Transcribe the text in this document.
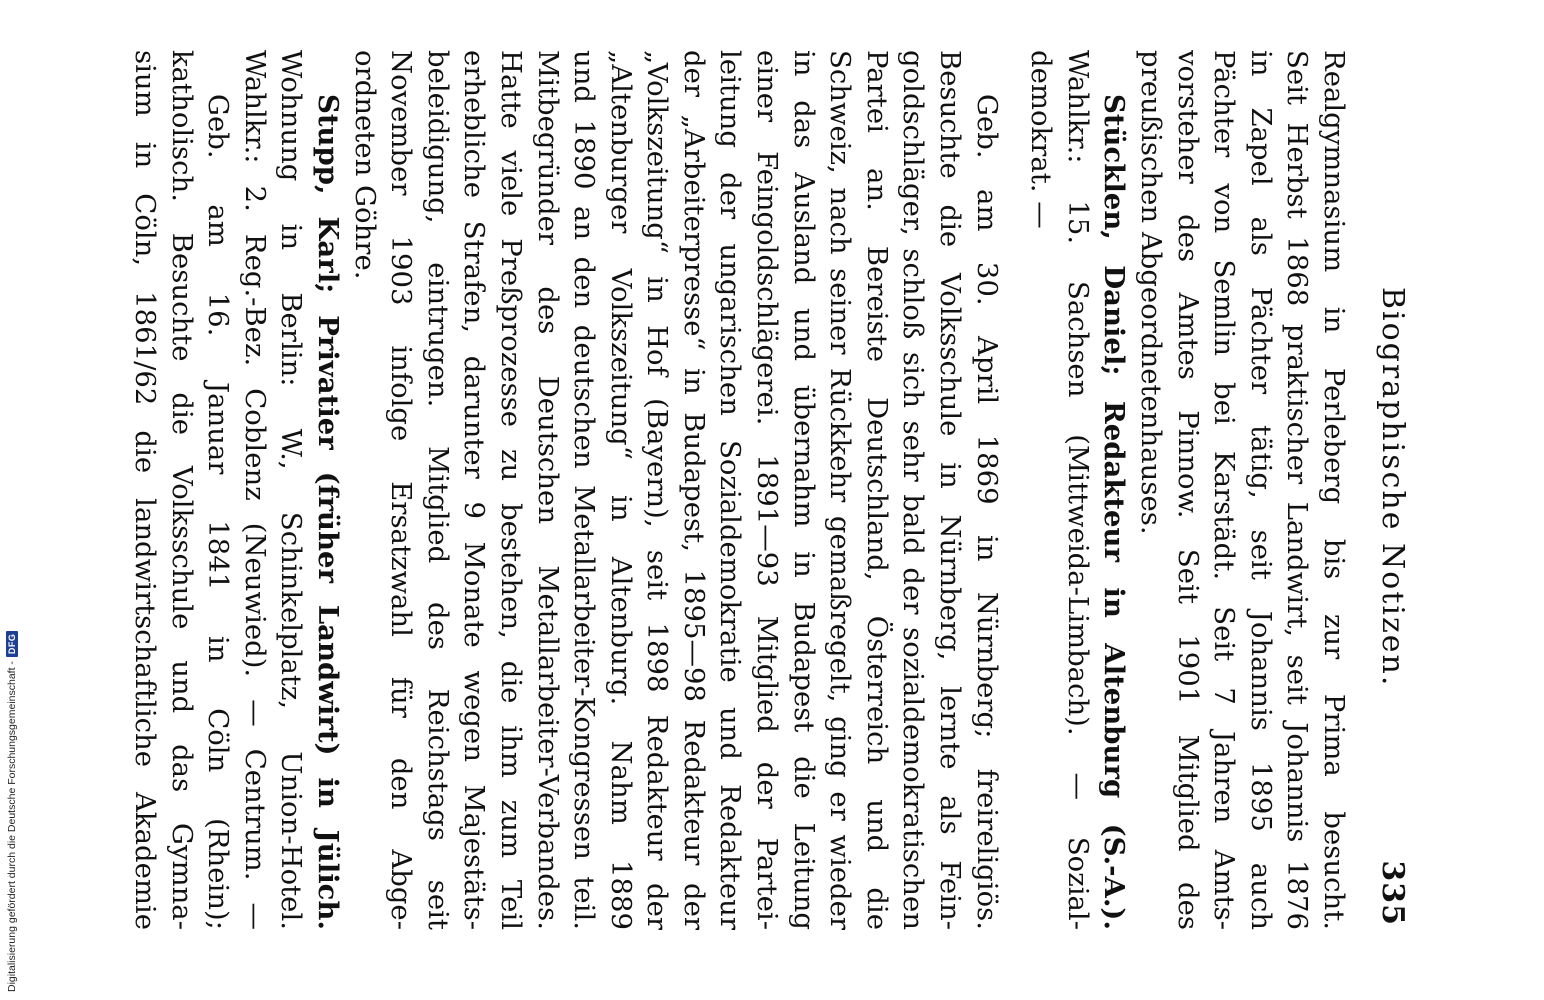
Biographische Notizen.
335
Realgymnasium in Perleberg bis zur Prima besucht.
Seit Herbst 1868 praktischer Landwirt, seit Johannis 1876
in Zapel als Pächter tätig, seit Johannis 1895 auch
Pächter von Semlin bei Karstädt. Seit 7 Jahren Amts-
vorsteher des Amtes Pinnow. Seit 1901 Mitglied des
preußischen Abgeordnetenhauses.
Stücklen, Daniel; Redakteur in Altenburg (S.-A.).
Wahlkr.: 15. Sachsen (Mittweida-Limbach). — Sozial-
demokrat. —
Geb. am 30. April 1869 in Nürnberg; freireligiös.
Besuchte die Volksschule in Nürnberg, lernte als Fein-
goldschläger, schloß sich sehr bald der sozialdemokratischen
Partei an. Bereiste Deutschland, Österreich und die
Schweiz, nach seiner Rückkehr gemaßregelt, ging er wieder
in das Ausland und übernahm in Budapest die Leitung
einer Feingoldschlägerei. 1891—93 Mitglied der Partei-
leitung der ungarischen Sozialdemokratie und Redakteur
der „Arbeiterpresse“ in Budapest, 1895—98 Redakteur der
„Volkszeitung“ in Hof (Bayern), seit 1898 Redakteur der
„Altenburger Volkszeitung“ in Altenburg. Nahm 1889
und 1890 an den deutschen Metallarbeiter-Kongressen teil.
Mitbegründer des Deutschen Metallarbeiter-Verbandes.
Hatte viele Preßprozesse zu bestehen, die ihm zum Teil
erhebliche Strafen, darunter 9 Monate wegen Majestäts-
beleidigung, eintrugen. Mitglied des Reichstags seit
November 1903 infolge Ersatzwahl für den Abge-
ordneten Göhre.
Stupp, Karl; Privatier (früher Landwirt) in Jülich.
Wohnung in Berlin: W., Schinkelplatz, Union-Hotel.
Wahlkr.: 2. Reg.-Bez. Coblenz (Neuwied). — Centrum. —
Geb. am 16. Januar 1841 in Cöln (Rhein);
katholisch. Besuchte die Volksschule und das Gymna-
sium in Cöln, 1861/62 die landwirtschaftliche Akademie
Digitalisierung gefördert durch die Deutsche Forschungsgemeinschaft -
DFG
